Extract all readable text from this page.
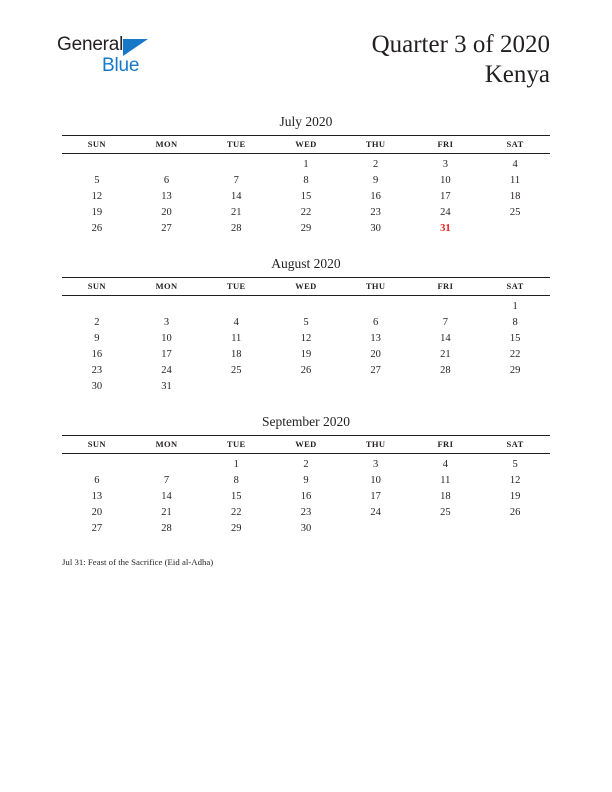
General
Blue
Quarter 3 of 2020
Kenya
July 2020
SUN	MON	TUE	WED	THU	FRI	SAT
			1	2	3	4
5	6	7	8	9	10	11
12	13	14	15	16	17	18
19	20	21	22	23	24	25
26	27	28	29	30	31	
August 2020
SUN	MON	TUE	WED	THU	FRI	SAT
						1
2	3	4	5	6	7	8
9	10	11	12	13	14	15
16	17	18	19	20	21	22
23	24	25	26	27	28	29
30	31					
September 2020
SUN	MON	TUE	WED	THU	FRI	SAT
		1	2	3	4	5
6	7	8	9	10	11	12
13	14	15	16	17	18	19
20	21	22	23	24	25	26
27	28	29	30			
Jul 31: Feast of the Sacrifice (Eid al-Adha)
